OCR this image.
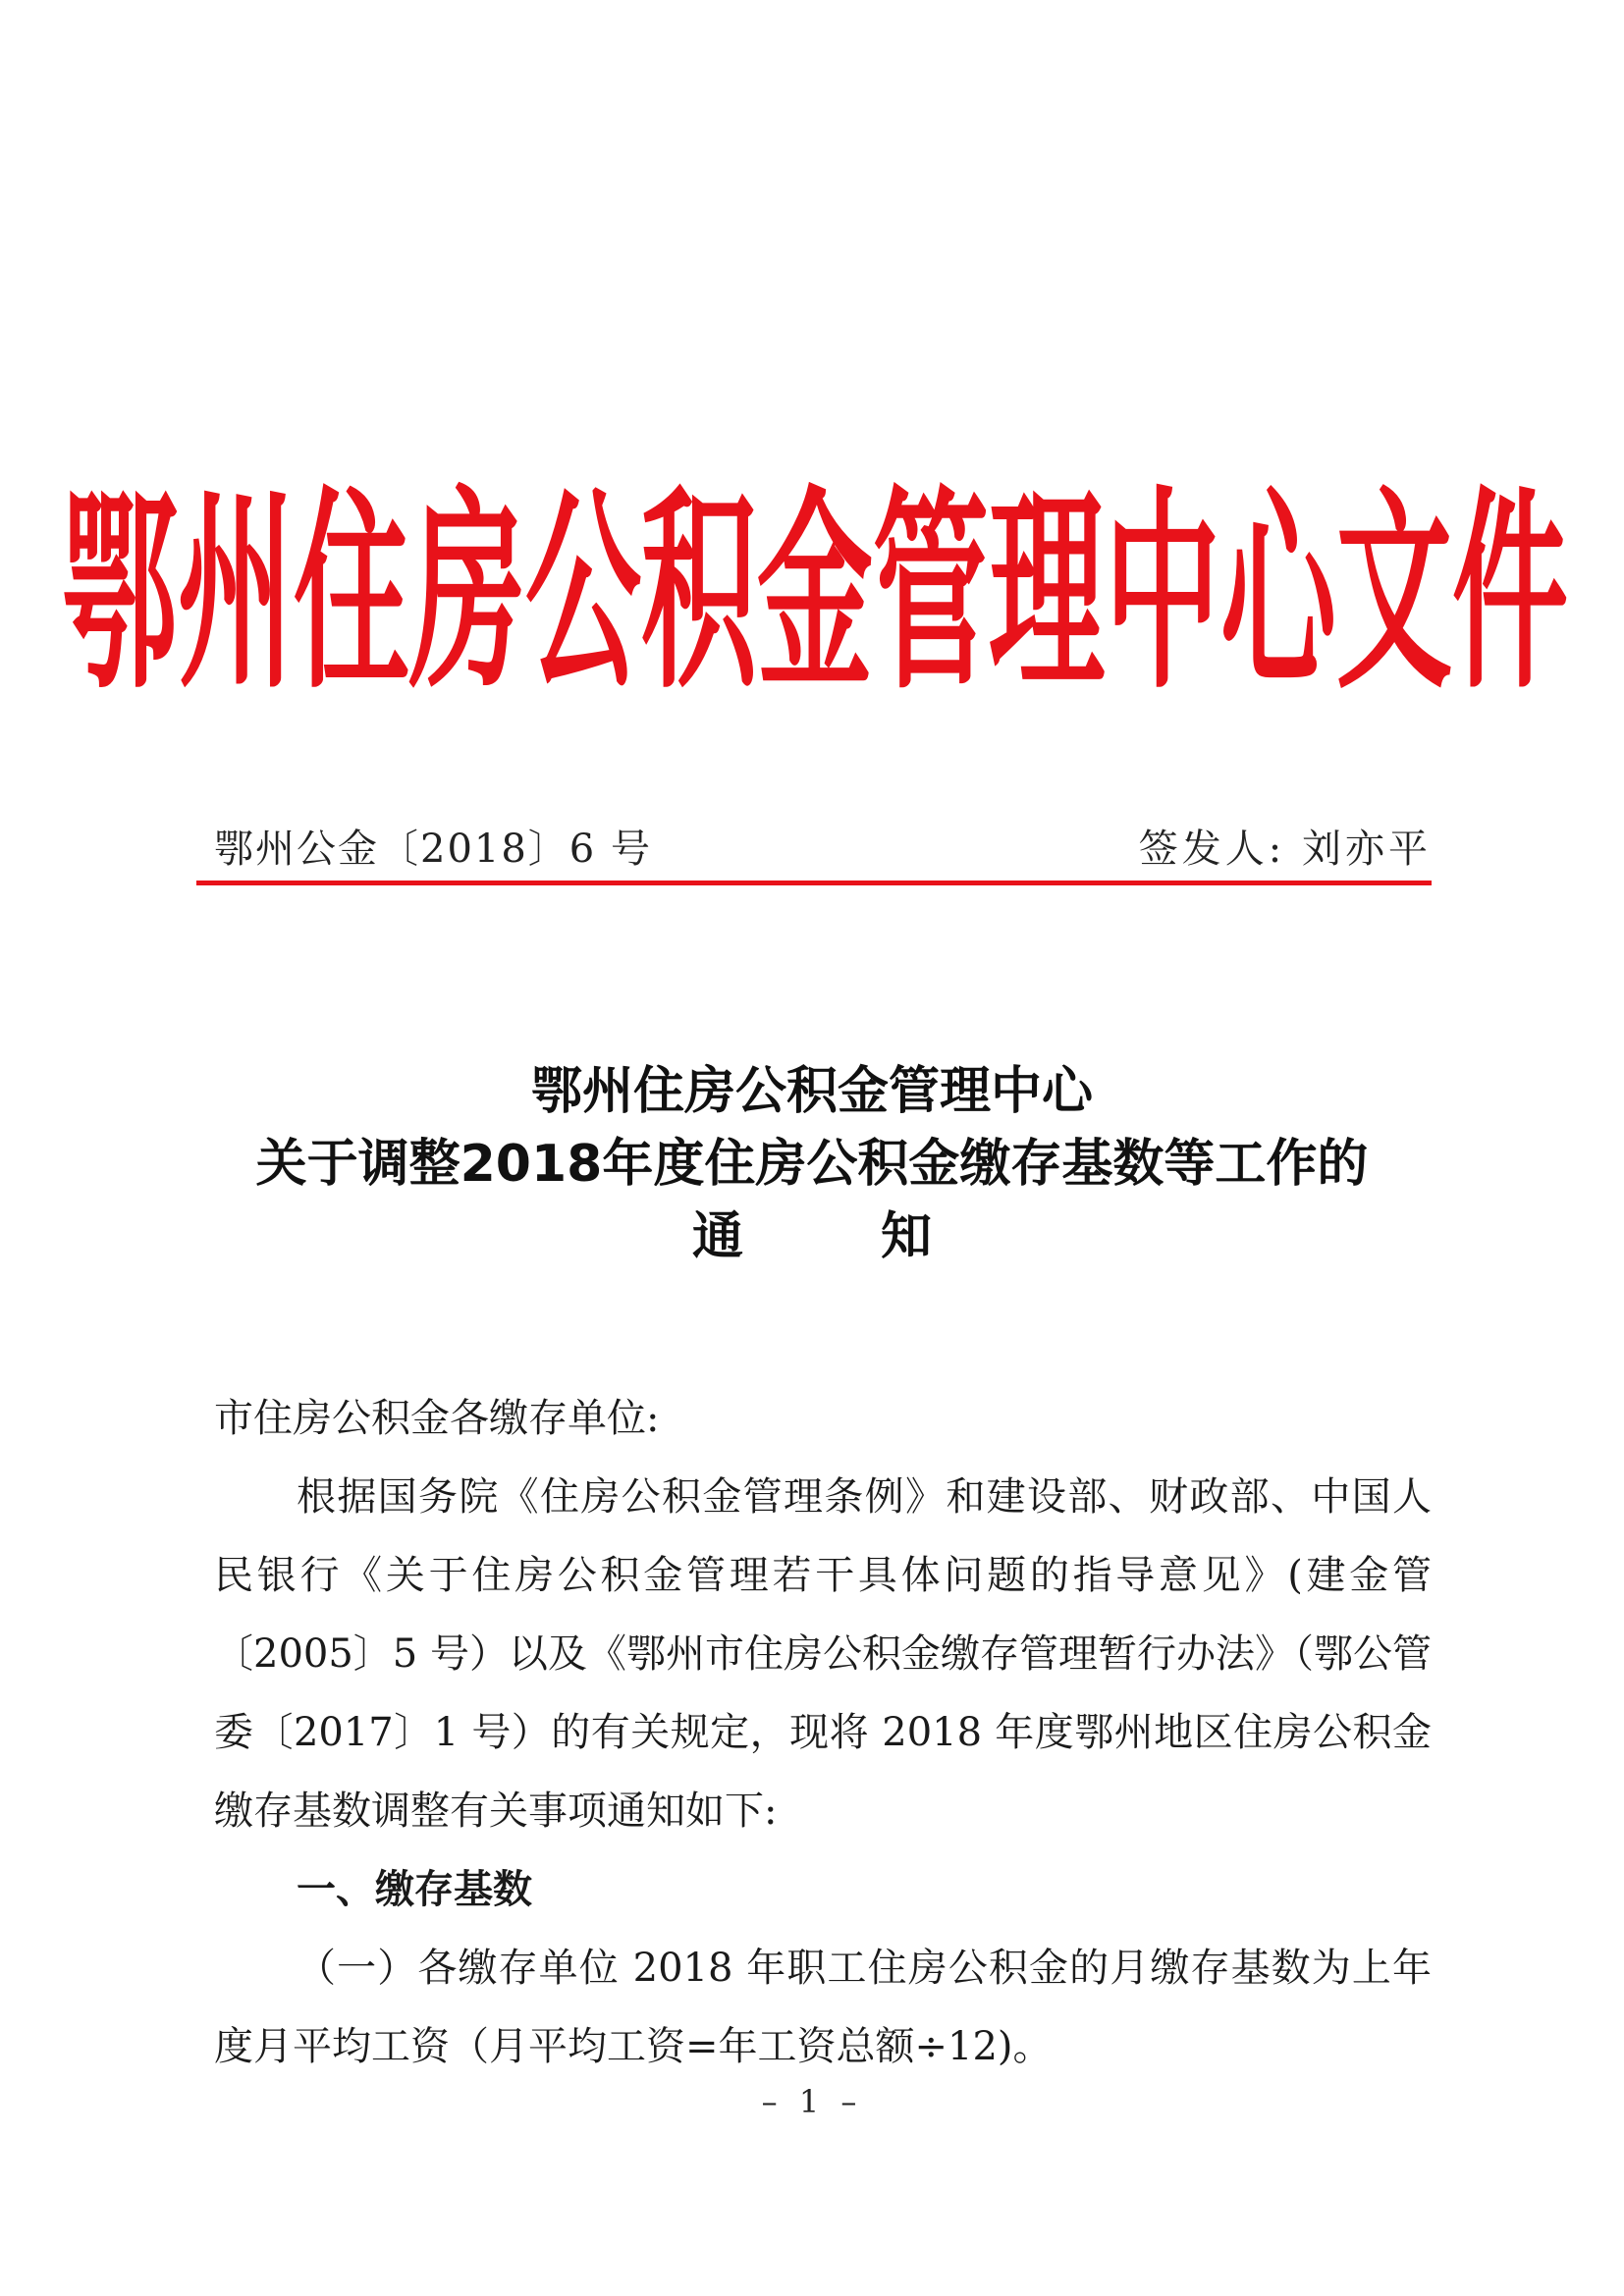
鄂州住房公积金管理中心文件
鄂州公金〔2018〕6 号	签发人: 刘亦平
鄂州住房公积金管理中心
关于调整2018年度住房公积金缴存基数等工作的
通知

市住房公积金各缴存单位:

根据国务院《住房公积金管理条例》和建设部、财政部、中国人民银行《关于住房公积金管理若干具体问题的指导意见》(建金管〔2005〕5 号）以及《鄂州市住房公积金缴存管理暂行办法》（鄂公管委〔2017〕1 号）的有关规定，现将 2018 年度鄂州地区住房公积金缴存基数调整有关事项通知如下:

一、缴存基数

（一）各缴存单位 2018 年职工住房公积金的月缴存基数为上年度月平均工资（月平均工资=年工资总额÷12)。

– 1 –
